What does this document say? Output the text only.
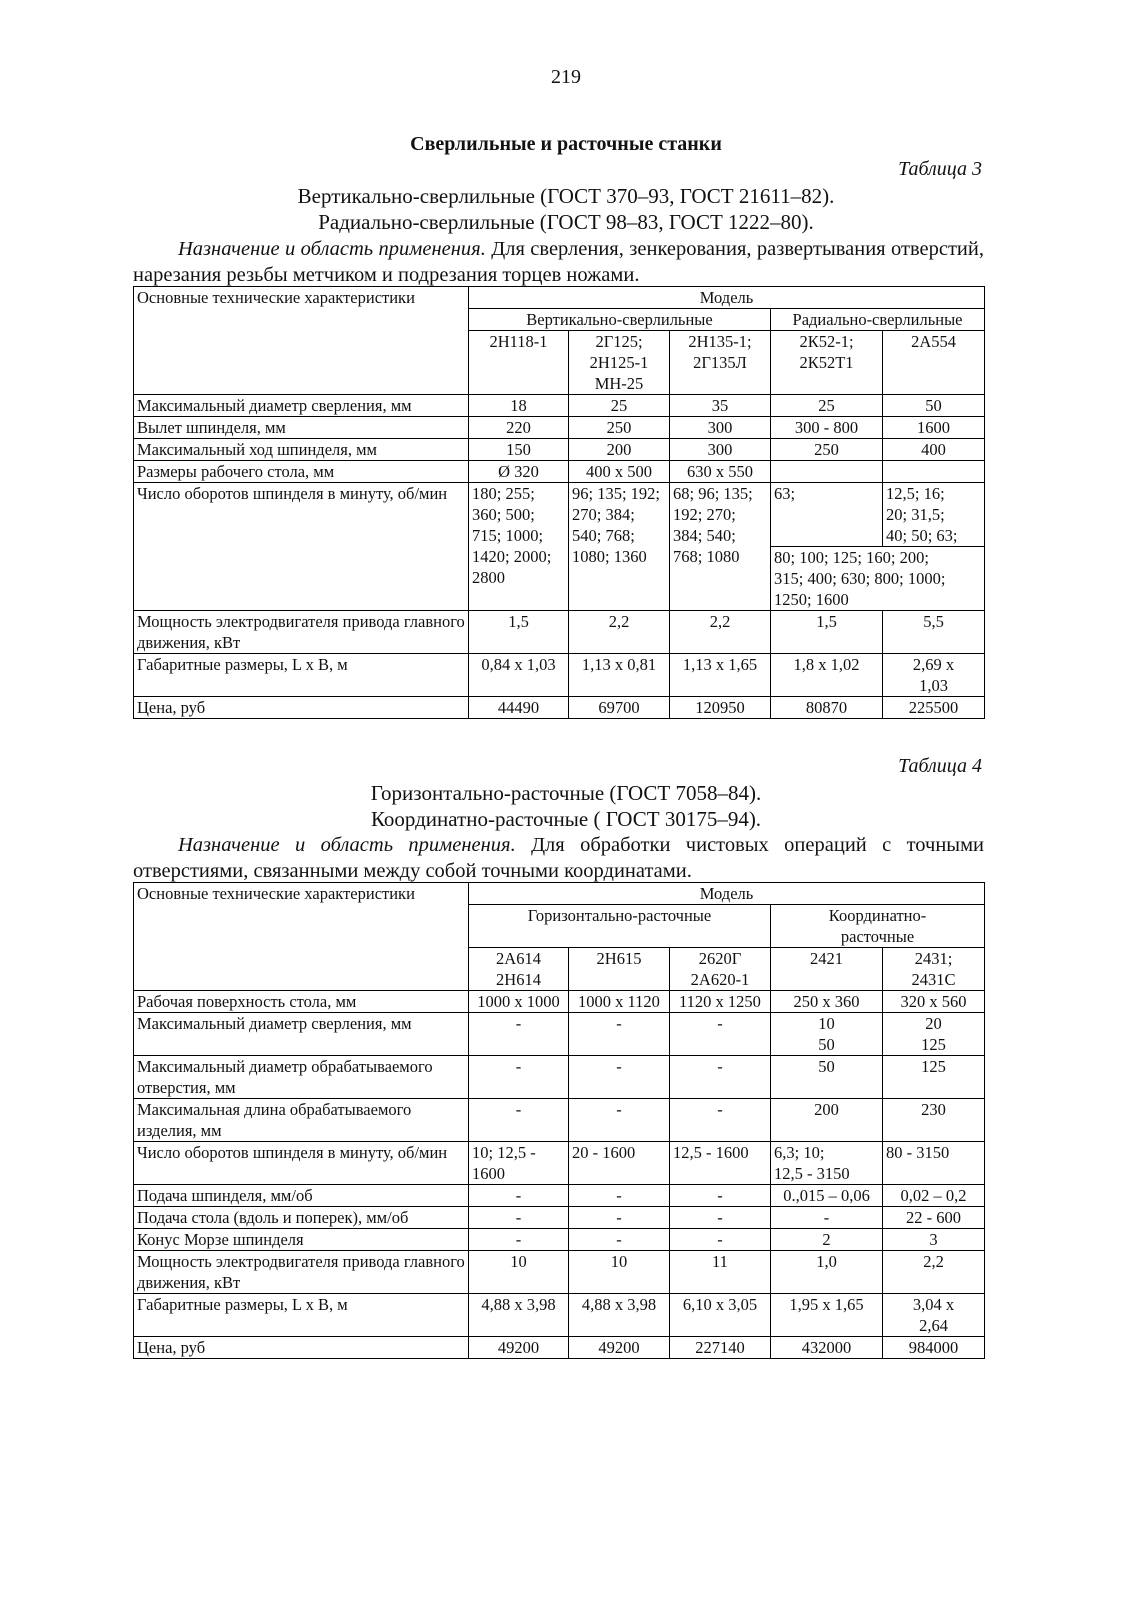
219
Сверлильные и расточные станки
Таблица 3
Вертикально-сверлильные (ГОСТ 370–93, ГОСТ 21611–82).
Радиально-сверлильные (ГОСТ 98–83, ГОСТ 1222–80).
Назначение и область применения. Для сверления, зенкерования, развертывания отверстий, нарезания резьбы метчиком и подрезания торцев ножами.
Основные технические характеристики	Модель				
	Вертикально-сверлильные			Радиально-сверлильные	
	2Н118-1	2Г125;
2Н125-1
МН-25	2Н135-1;
2Г135Л	2К52-1;
2К52Т1	2А554
Максимальный диаметр сверления, мм	18	25	35	25	50
Вылет шпинделя, мм	220	250	300	300 - 800	1600
Максимальный ход шпинделя, мм	150	200	300	250	400
Размеры рабочего стола, мм	Ø 320	400 x 500	630 x 550		
Число оборотов шпинделя в минуту, об/мин	180; 255;
360; 500;
715; 1000;
1420; 2000;
2800	96; 135; 192;
270; 384;
540; 768;
1080; 1360	68; 96; 135;
192; 270;
384; 540;
768; 1080	63;	12,5; 16;
20; 31,5;
40; 50; 63;
				80; 100; 125; 160; 200;
315; 400; 630; 800; 1000;
1250; 1600	
Мощность электродвигателя привода главного движения, кВт	1,5	2,2	2,2	1,5	5,5
Габаритные размеры, L x B, м	0,84 x 1,03	1,13 x 0,81	1,13 x 1,65	1,8 x 1,02	2,69 x
1,03
Цена, руб	44490	69700	120950	80870	225500
Таблица 4
Горизонтально-расточные (ГОСТ 7058–84).
Координатно-расточные ( ГОСТ 30175–94).
Назначение и область применения. Для обработки чистовых операций с точными отверстиями, связанными между собой точными координатами.
Основные технические характеристики	Модель				
	Горизонтально-расточные			Координатно-
расточные	
	2А614
2Н614	2Н615	2620Г
2А620-1	2421	2431;
2431С
Рабочая поверхность стола, мм	1000 x 1000	1000 x 1120	1120 x 1250	250 x 360	320 x 560
Максимальный диаметр сверления, мм	-	-	-	10
50	20
125
Максимальный диаметр обрабатываемого отверстия, мм	-	-	-	50	125
Максимальная длина обрабатываемого изделия, мм	-	-	-	200	230
Число оборотов шпинделя в минуту, об/мин	10; 12,5 -
1600	20 - 1600	12,5 - 1600	6,3; 10;
12,5 - 3150	80 - 3150
Подача шпинделя, мм/об	-	-	-	0.,015 – 0,06	0,02 – 0,2
Подача стола (вдоль и поперек), мм/об	-	-	-	-	22 - 600
Конус Морзе шпинделя	-	-	-	2	3
Мощность электродвигателя привода главного движения, кВт	10	10	11	1,0	2,2
Габаритные размеры, L x B, м	4,88 x 3,98	4,88 x 3,98	6,10 x 3,05	1,95 x 1,65	3,04 x
2,64
Цена, руб	49200	49200	227140	432000	984000
